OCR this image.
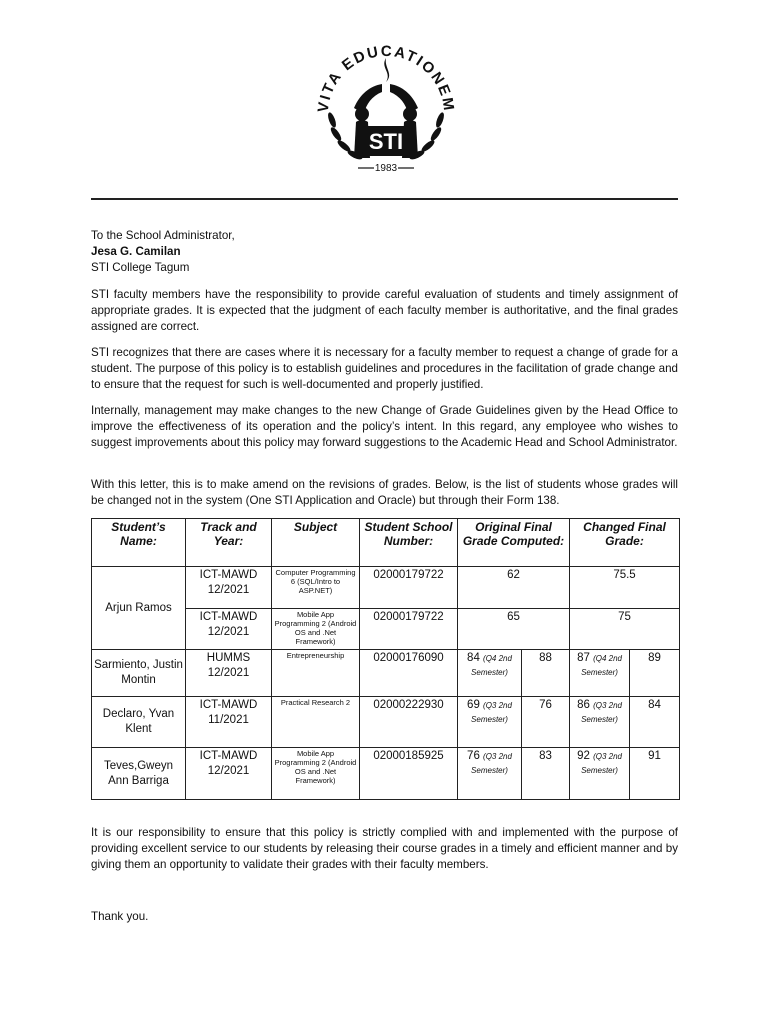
VITA EDUCATIONEM
STI
1983
To the School Administrator,
Jesa G. Camilan
STI College Tagum
STI faculty members have the responsibility to provide careful evaluation of students and timely assignment of appropriate grades. It is expected that the judgment of each faculty member is authoritative, and the final grades assigned are correct.
STI recognizes that there are cases where it is necessary for a faculty member to request a change of grade for a student. The purpose of this policy is to establish guidelines and procedures in the facilitation of grade change and to ensure that the request for such is well-documented and properly justified.
Internally, management may make changes to the new Change of Grade Guidelines given by the Head Office to improve the effectiveness of its operation and the policy’s intent. In this regard, any employee who wishes to suggest improvements about this policy may forward suggestions to the Academic Head and School Administrator.
With this letter, this is to make amend on the revisions of grades. Below, is the list of students whose grades will be changed not in the system (One STI Application and Oracle) but through their Form 138.
Student’s Name:	Track and Year:	Subject	Student School Number:	Original Final Grade Computed:		Changed Final Grade:	
Arjun Ramos	ICT-MAWD 12/2021	Computer Programming 6 (SQL/Intro to ASP.NET)	02000179722	62		75.5	
	ICT-MAWD 12/2021	Mobile App Programming 2 (Android OS and .Net Framework)	02000179722	65		75	
Sarmiento, Justin Montin	HUMMS 12/2021	Entrepreneurship	02000176090	84 (Q4 2nd Semester)	88	87 (Q4 2nd Semester)	89
Declaro, Yvan Klent	ICT-MAWD 11/2021	Practical Research 2	02000222930	69 (Q3 2nd Semester)	76	86 (Q3 2nd Semester)	84
Teves,Gweyn Ann Barriga	ICT-MAWD 12/2021	Mobile App Programming 2 (Android OS and .Net Framework)	02000185925	76 (Q3 2nd Semester)	83	92 (Q3 2nd Semester)	91
It is our responsibility to ensure that this policy is strictly complied with and implemented with the purpose of providing excellent service to our students by releasing their course grades in a timely and efficient manner and by giving them an opportunity to validate their grades with their faculty members.
Thank you.
